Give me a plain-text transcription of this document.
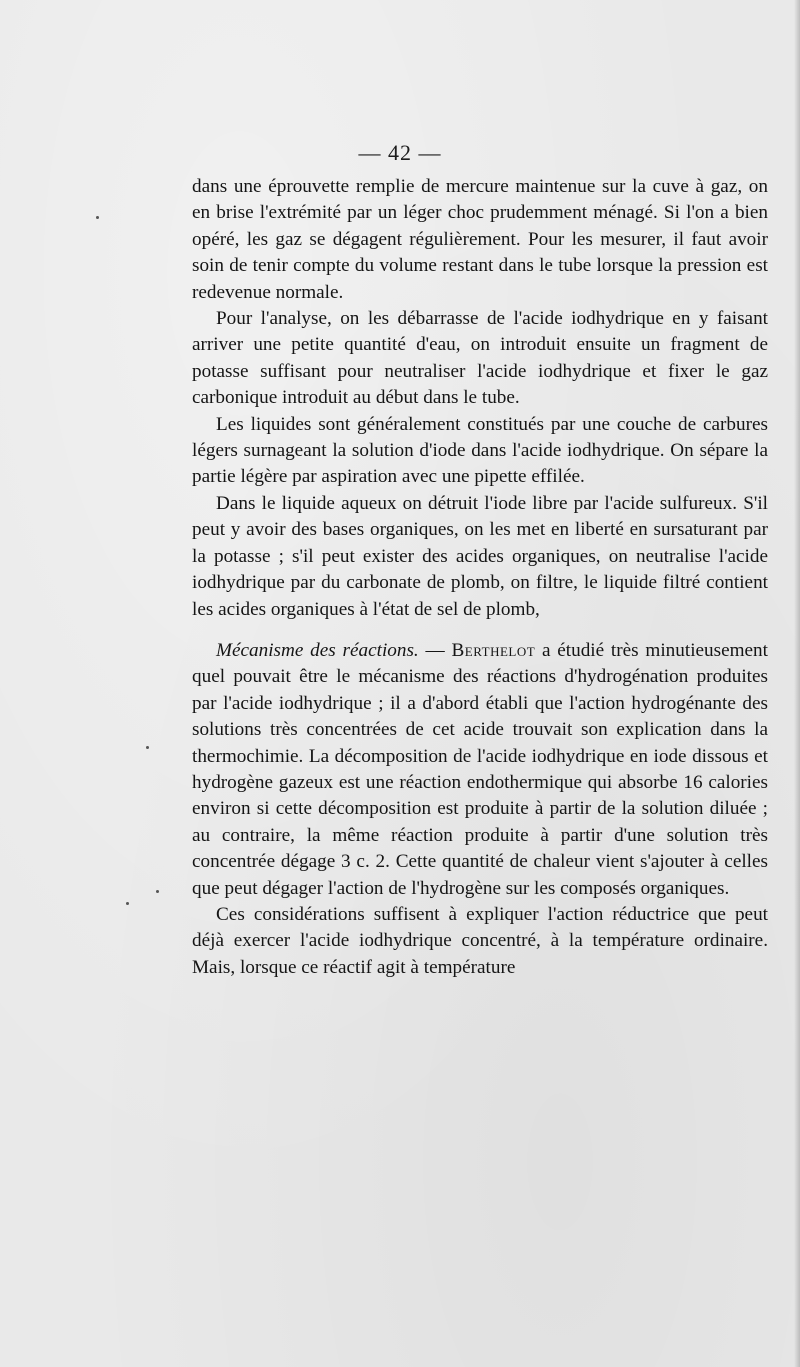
— 42 —

dans une éprouvette remplie de mercure maintenue sur la cuve à gaz, on en brise l'extrémité par un léger choc prudemment ménagé. Si l'on a bien opéré, les gaz se dégagent régulièrement. Pour les mesurer, il faut avoir soin de tenir compte du volume restant dans le tube lorsque la pression est redevenue normale.

Pour l'analyse, on les débarrasse de l'acide iodhydrique en y faisant arriver une petite quantité d'eau, on introduit ensuite un fragment de potasse suffisant pour neutraliser l'acide iodhydrique et fixer le gaz carbonique introduit au début dans le tube.

Les liquides sont généralement constitués par une couche de carbures légers surnageant la solution d'iode dans l'acide iodhydrique. On sépare la partie légère par aspiration avec une pipette effilée.

Dans le liquide aqueux on détruit l'iode libre par l'acide sulfureux. S'il peut y avoir des bases organiques, on les met en liberté en sursaturant par la potasse ; s'il peut exister des acides organiques, on neutralise l'acide iodhydrique par du carbonate de plomb, on filtre, le liquide filtré contient les acides organiques à l'état de sel de plomb,

Mécanisme des réactions. — Berthelot a étudié très minutieusement quel pouvait être le mécanisme des réactions d'hydrogénation produites par l'acide iodhydrique ; il a d'abord établi que l'action hydrogénante des solutions très concentrées de cet acide trouvait son explication dans la thermochimie. La décomposition de l'acide iodhydrique en iode dissous et hydrogène gazeux est une réaction endothermique qui absorbe 16 calories environ si cette décomposition est produite à partir de la solution diluée ; au contraire, la même réaction produite à partir d'une solution très concentrée dégage 3 c. 2. Cette quantité de chaleur vient s'ajouter à celles que peut dégager l'action de l'hydrogène sur les composés organiques.

Ces considérations suffisent à expliquer l'action réductrice que peut déjà exercer l'acide iodhydrique concentré, à la température ordinaire. Mais, lorsque ce réactif agit à température
